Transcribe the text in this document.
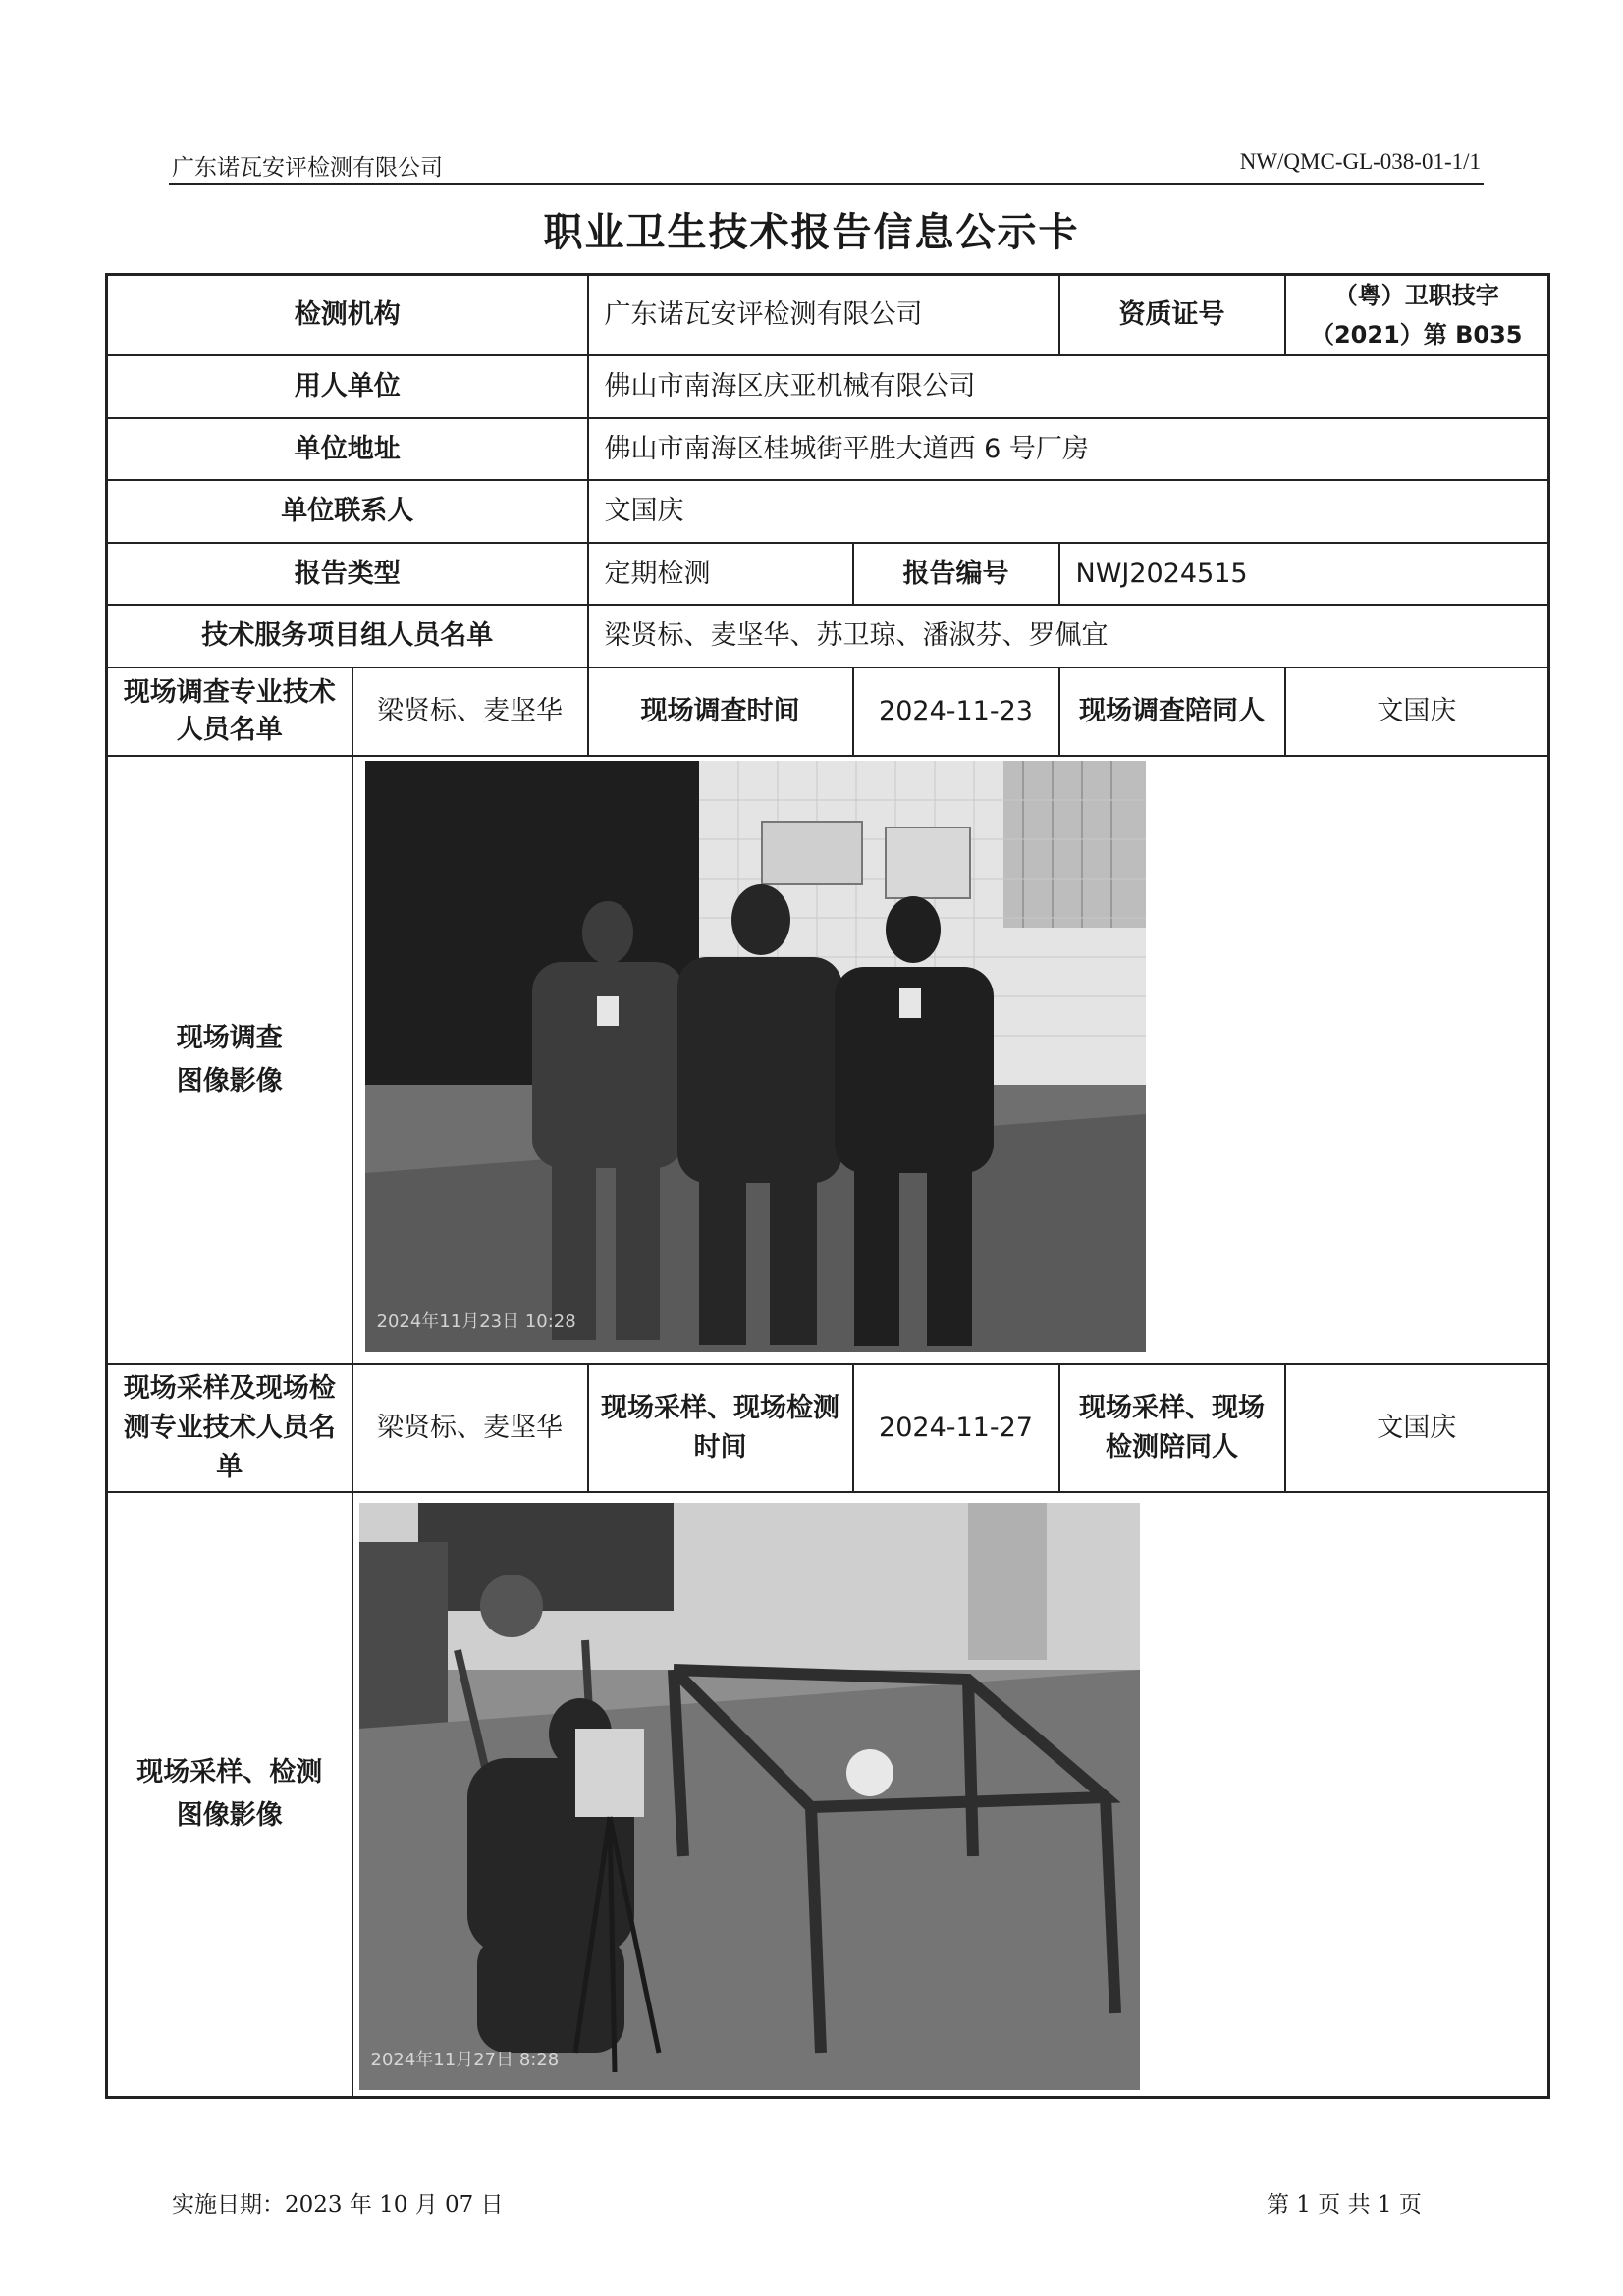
广东诺瓦安评检测有限公司	NW/QMC-GL-038-01-1/1
职业卫生技术报告信息公示卡
检测机构		广东诺瓦安评检测有限公司		资质证号	（粤）卫职技字（2021）第 B035
用人单位		佛山市南海区庆亚机械有限公司			
单位地址		佛山市南海区桂城街平胜大道西 6 号厂房			
单位联系人		文国庆			
报告类型		定期检测	报告编号	NWJ2024515	
技术服务项目组人员名单		梁贤标、麦坚华、苏卫琼、潘淑芬、罗佩宜			
现场调查专业技术人员名单	梁贤标、麦坚华	现场调查时间	2024-11-23	现场调查陪同人	文国庆
现场调查
图像影像	2024年11月23日 10:28				

现场采样及现场检测专业技术人员名单	梁贤标、麦坚华	现场采样、现场检测时间	2024-11-27	现场采样、现场检测陪同人	文国庆
现场采样、检测
图像影像	2024年11月27日 8:28				
实施日期：2023 年 10 月 07 日	第 1 页 共 1 页
